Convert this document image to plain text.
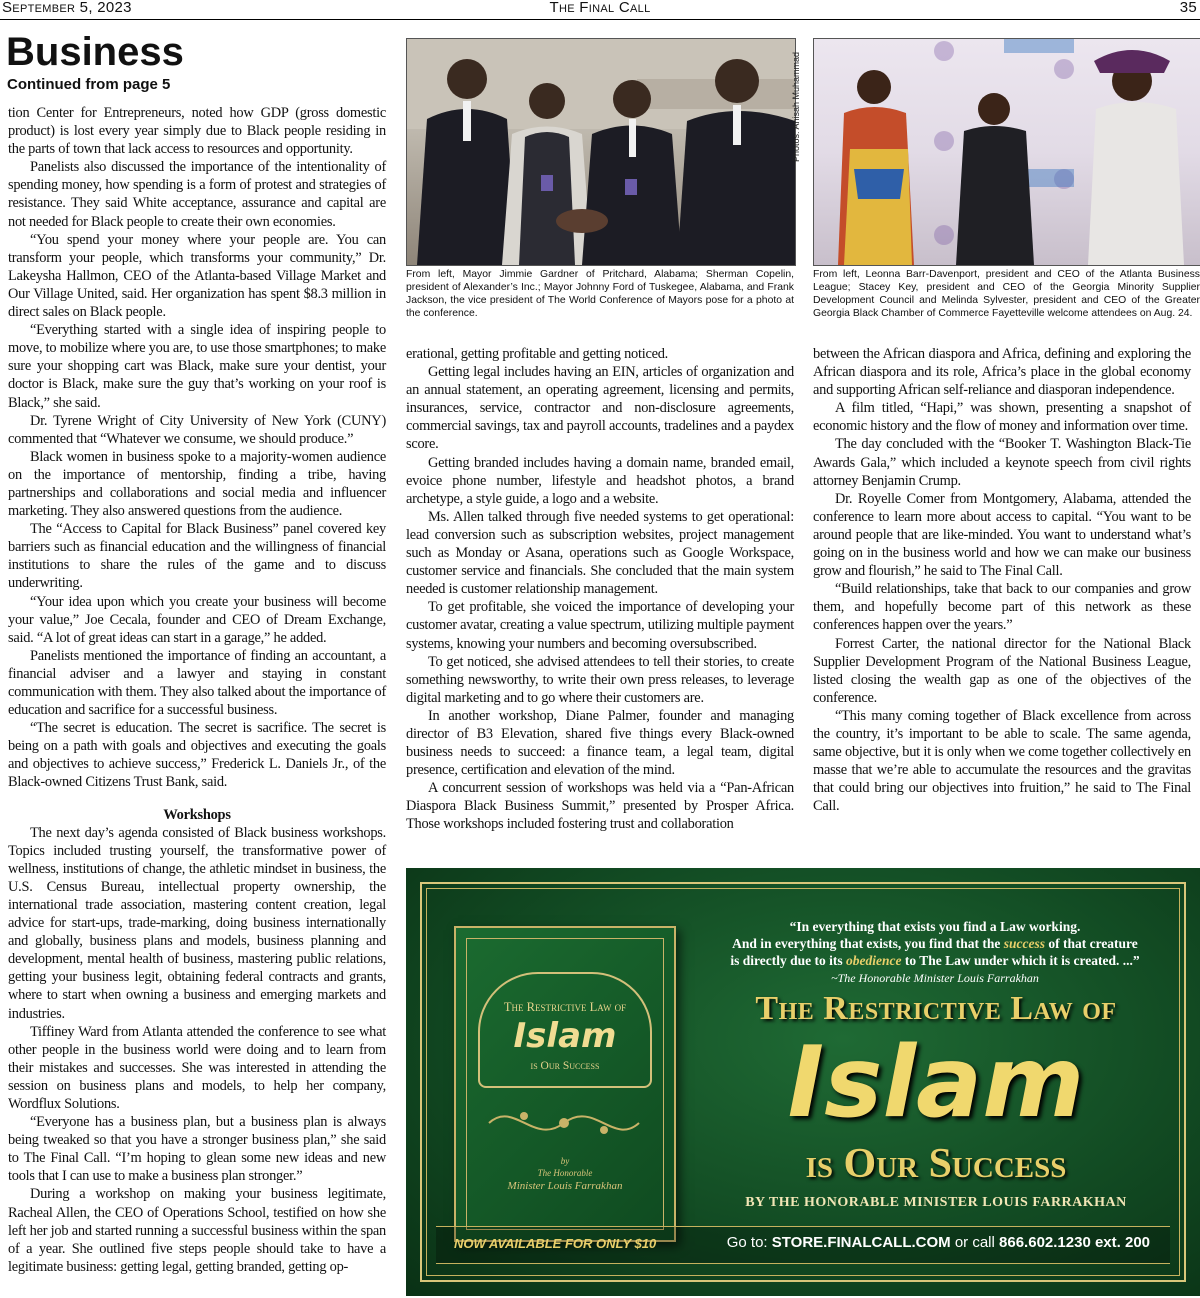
September 5, 2023	The Final Call	35
Business
Continued from page 5

tion Center for Entrepreneurs, noted how GDP (gross domestic product) is lost every year simply due to Black people residing in the parts of town that lack access to resources and opportunity.

Panelists also discussed the importance of the intentionality of spending money, how spending is a form of protest and strategies of resistance. They said White acceptance, assurance and capital are not needed for Black people to create their own economies.

“You spend your money where your people are. You can transform your people, which transforms your community,” Dr. Lakeysha Hallmon, CEO of the Atlanta-based Village Market and Our Village United, said. Her organization has spent $8.3 million in direct sales on Black people.

“Everything started with a single idea of inspiring people to move, to mobilize where you are, to use those smartphones; to make sure your shopping cart was Black, make sure your dentist, your doctor is Black, make sure the guy that’s working on your roof is Black,” she said.

Dr. Tyrene Wright of City University of New York (CUNY) commented that “Whatever we consume, we should produce.”

Black women in business spoke to a majority-women audience on the importance of mentorship, finding a tribe, having partnerships and collaborations and social media and influencer marketing. They also answered questions from the audience.

The “Access to Capital for Black Business” panel covered key barriers such as financial education and the willingness of financial institutions to share the rules of the game and to discuss underwriting.

“Your idea upon which you create your business will become your value,” Joe Cecala, founder and CEO of Dream Exchange, said. “A lot of great ideas can start in a garage,” he added.

Panelists mentioned the importance of finding an accountant, a financial adviser and a lawyer and staying in constant communication with them. They also talked about the importance of education and sacrifice for a successful business.

“The secret is education. The secret is sacrifice. The secret is being on a path with goals and objectives and executing the goals and objectives to achieve success,” Frederick L. Daniels Jr., of the Black-owned Citizens Trust Bank, said.

Workshops

The next day’s agenda consisted of Black business workshops. Topics included trusting yourself, the transformative power of wellness, institutions of change, the athletic mindset in business, the U.S. Census Bureau, intellectual property ownership, the international trade association, mastering content creation, legal advice for start-ups, trade-marking, doing business internationally and globally, business plans and models, business planning and development, mental health of business, mastering public relations, getting your business legit, obtaining federal contracts and grants, where to start when owning a business and emerging markets and industries.

Tiffiney Ward from Atlanta attended the conference to see what other people in the business world were doing and to learn from their mistakes and successes. She was interested in attending the session on business plans and models, to help her company, Wordflux Solutions.

“Everyone has a business plan, but a business plan is always being tweaked so that you have a stronger business plan,” she said to The Final Call. “I’m hoping to glean some new ideas and new tools that I can use to make a business plan stronger.”

During a workshop on making your business legitimate, Racheal Allen, the CEO of Operations School, testified on how she left her job and started running a successful business within the span of a year. She outlined five steps people should take to have a legitimate business: getting legal, getting branded, getting op-

Photos: Anisah Muhammad
From left, Mayor Jimmie Gardner of Pritchard, Alabama; Sherman Copelin, president of Alexander’s Inc.; Mayor Johnny Ford of Tuskegee, Alabama, and Frank Jackson, the vice president of The World Conference of Mayors pose for a photo at the conference.
From left, Leonna Barr-Davenport, president and CEO of the Atlanta Business League; Stacey Key, president and CEO of the Georgia Minority Supplier Development Council and Melinda Sylvester, president and CEO of the Greater Georgia Black Chamber of Commerce Fayetteville welcome attendees on Aug. 24.

erational, getting profitable and getting noticed.

Getting legal includes having an EIN, articles of organization and an annual statement, an operating agreement, licensing and permits, insurances, service, contractor and non-disclosure agreements, commercial savings, tax and payroll accounts, tradelines and a paydex score.

Getting branded includes having a domain name, branded email, evoice phone number, lifestyle and headshot photos, a brand archetype, a style guide, a logo and a website.

Ms. Allen talked through five needed systems to get operational: lead conversion such as subscription websites, project management such as Monday or Asana, operations such as Google Workspace, customer service and financials. She concluded that the main system needed is customer relationship management.

To get profitable, she voiced the importance of developing your customer avatar, creating a value spectrum, utilizing multiple payment systems, knowing your numbers and becoming oversubscribed.

To get noticed, she advised attendees to tell their stories, to create something newsworthy, to write their own press releases, to leverage digital marketing and to go where their customers are.

In another workshop, Diane Palmer, founder and managing director of B3 Elevation, shared five things every Black-owned business needs to succeed: a finance team, a legal team, digital presence, certification and elevation of the mind.

A concurrent session of workshops was held via a “Pan-African Diaspora Black Business Summit,” presented by Prosper Africa. Those workshops included fostering trust and collaboration

between the African diaspora and Africa, defining and exploring the African diaspora and its role, Africa’s place in the global economy and supporting African self-reliance and diasporan independence.

A film titled, “Hapi,” was shown, presenting a snapshot of economic history and the flow of money and information over time.

The day concluded with the “Booker T. Washington Black-Tie Awards Gala,” which included a keynote speech from civil rights attorney Benjamin Crump.

Dr. Royelle Comer from Montgomery, Alabama, attended the conference to learn more about access to capital. “You want to be around people that are like-minded. You want to understand what’s going on in the business world and how we can make our business grow and flourish,” he said to The Final Call.

“Build relationships, take that back to our companies and grow them, and hopefully become part of this network as these conferences happen over the years.”

Forrest Carter, the national director for the National Black Supplier Development Program of the National Business League, listed closing the wealth gap as one of the objectives of the conference.

“This many coming together of Black excellence from across the country, it’s important to be able to scale. The same agenda, same objective, but it is only when we come together collectively en masse that we’re able to accumulate the resources and the gravitas that could bring our objectives into fruition,” he said to The Final Call.

The Restrictive Law of
Islam
is Our Success
by
The Honorable
Minister Louis Farrakhan
“In everything that exists you find a Law working.
And in everything that exists, you find that the success of that creature
is directly due to its obedience to The Law under which it is created. ...”
~The Honorable Minister Louis Farrakhan
The Restrictive Law of
Islam
is Our Success
BY THE HONORABLE MINISTER LOUIS FARRAKHAN
NOW AVAILABLE FOR ONLY $10	Go to: STORE.FINALCALL.COM or call 866.602.1230 ext. 200
